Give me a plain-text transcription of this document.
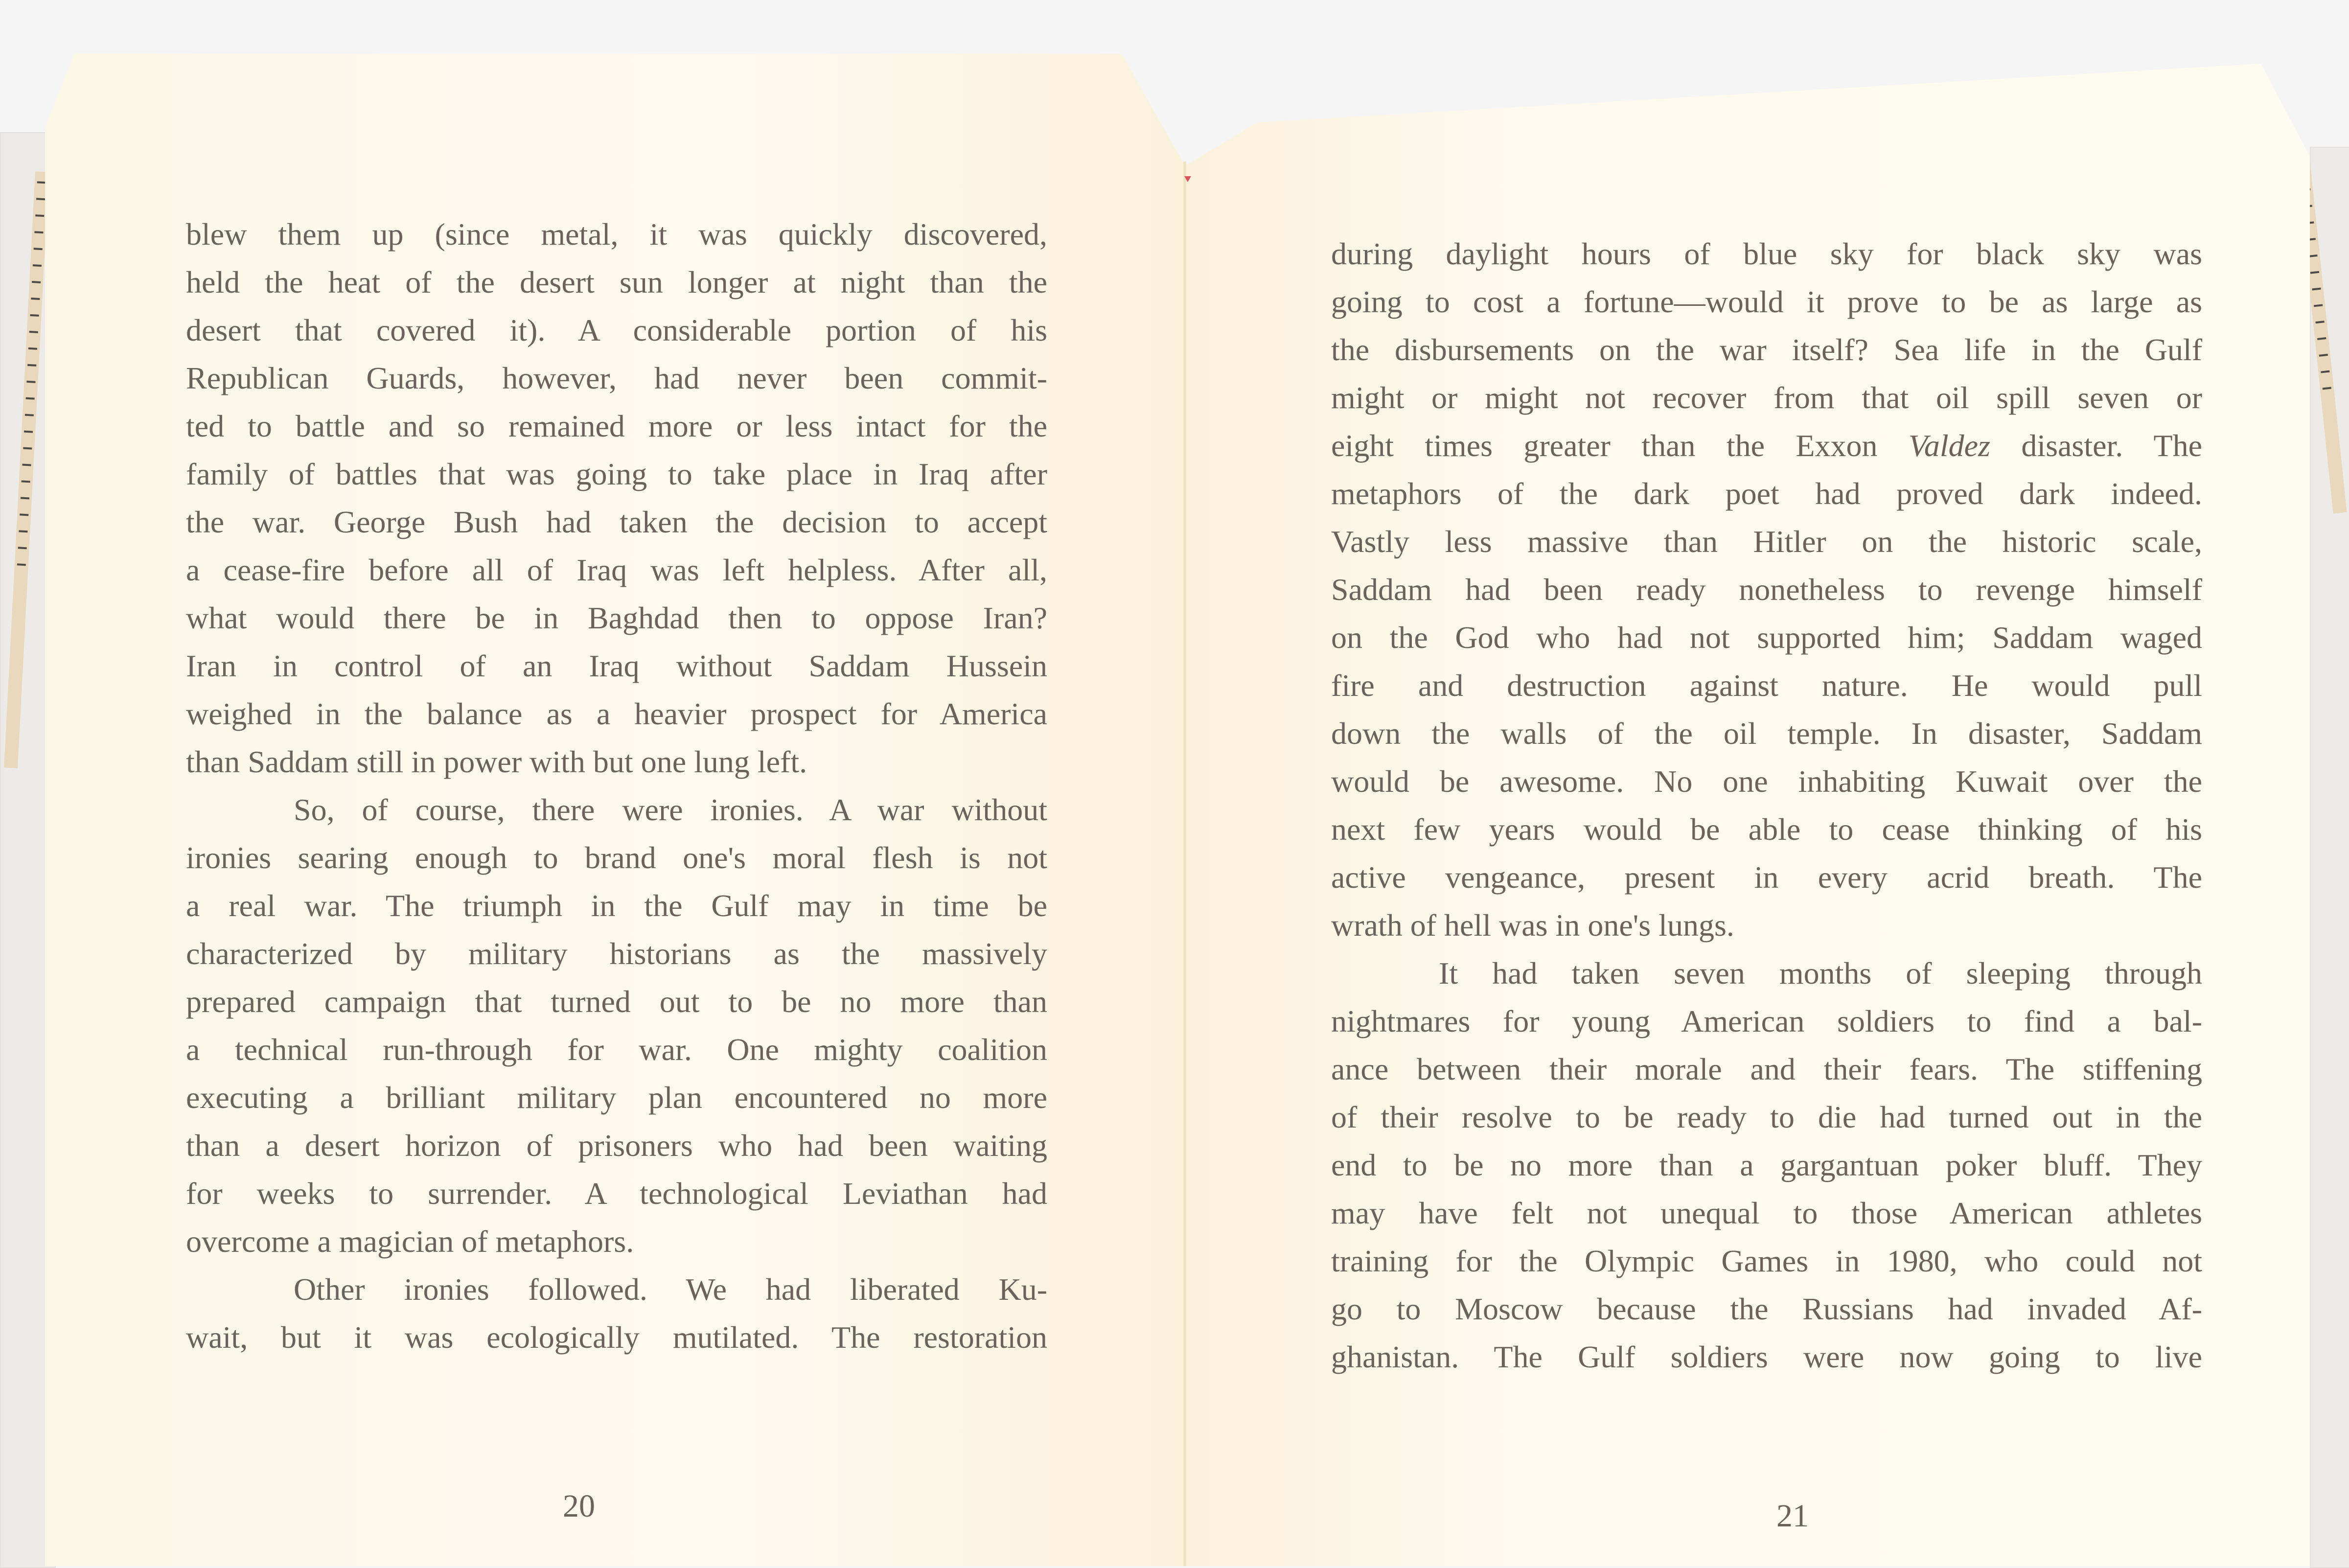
blew them up (since metal, it was quickly discovered,
held the heat of the desert sun longer at night than the
desert that covered it). A considerable portion of his
Republican Guards, however, had never been commit-
ted to battle and so remained more or less intact for the
family of battles that was going to take place in Iraq after
the war. George Bush had taken the decision to accept
a cease-fire before all of Iraq was left helpless. After all,
what would there be in Baghdad then to oppose Iran?
Iran in control of an Iraq without Saddam Hussein
weighed in the balance as a heavier prospect for America
than Saddam still in power with but one lung left.
So, of course, there were ironies. A war without
ironies searing enough to brand one's moral flesh is not
a real war. The triumph in the Gulf may in time be
characterized by military historians as the massively
prepared campaign that turned out to be no more than
a technical run-through for war. One mighty coalition
executing a brilliant military plan encountered no more
than a desert horizon of prisoners who had been waiting
for weeks to surrender. A technological Leviathan had
overcome a magician of metaphors.
Other ironies followed. We had liberated Ku-
wait, but it was ecologically mutilated. The restoration
during daylight hours of blue sky for black sky was
going to cost a fortune—would it prove to be as large as
the disbursements on the war itself? Sea life in the Gulf
might or might not recover from that oil spill seven or
eight times greater than the Exxon Valdez disaster. The
metaphors of the dark poet had proved dark indeed.
Vastly less massive than Hitler on the historic scale,
Saddam had been ready nonetheless to revenge himself
on the God who had not supported him; Saddam waged
fire and destruction against nature. He would pull
down the walls of the oil temple. In disaster, Saddam
would be awesome. No one inhabiting Kuwait over the
next few years would be able to cease thinking of his
active vengeance, present in every acrid breath. The
wrath of hell was in one's lungs.
It had taken seven months of sleeping through
nightmares for young American soldiers to find a bal-
ance between their morale and their fears. The stiffening
of their resolve to be ready to die had turned out in the
end to be no more than a gargantuan poker bluff. They
may have felt not unequal to those American athletes
training for the Olympic Games in 1980, who could not
go to Moscow because the Russians had invaded Af-
ghanistan. The Gulf soldiers were now going to live
20	21
